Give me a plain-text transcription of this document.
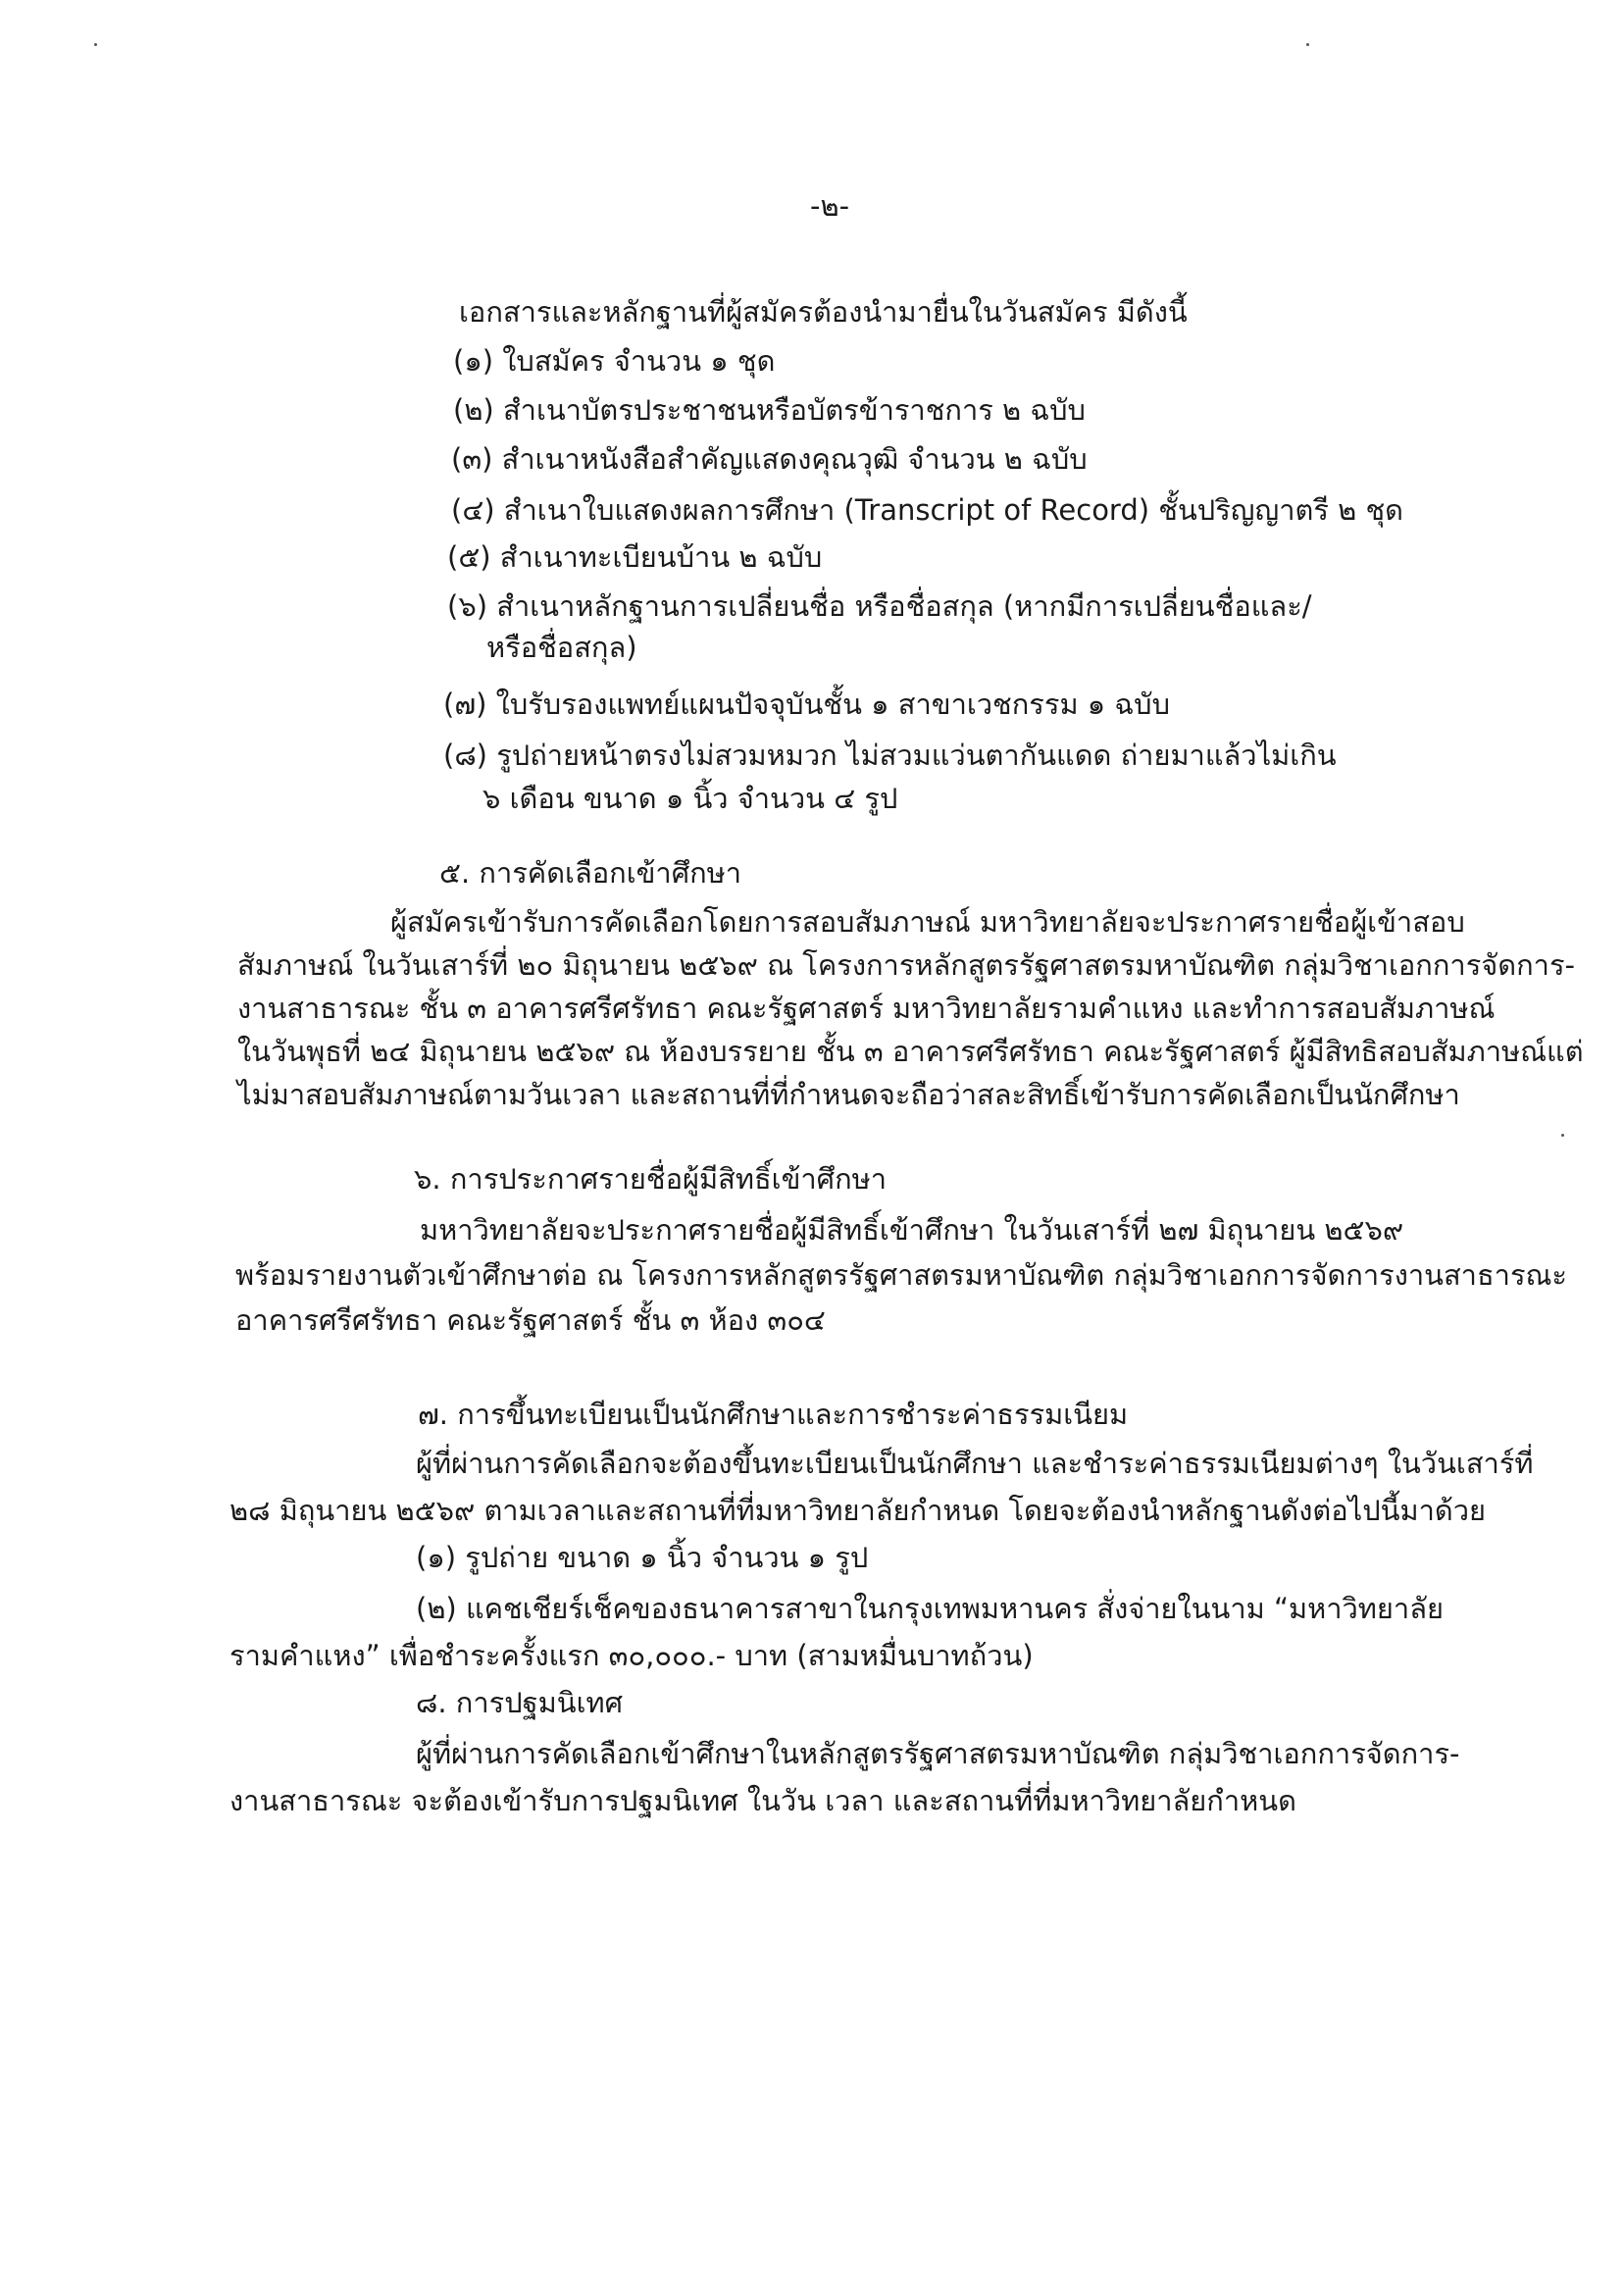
-๒-

เอกสารและหลักฐานที่ผู้สมัครต้องนำมายื่นในวันสมัคร มีดังนี้

(๑) ใบสมัคร จำนวน ๑ ชุด

(๒) สำเนาบัตรประชาชนหรือบัตรข้าราชการ ๒ ฉบับ

(๓) สำเนาหนังสือสำคัญแสดงคุณวุฒิ จำนวน ๒ ฉบับ

(๔) สำเนาใบแสดงผลการศึกษา (Transcript of Record) ชั้นปริญญาตรี ๒ ชุด

(๕) สำเนาทะเบียนบ้าน ๒ ฉบับ

(๖) สำเนาหลักฐานการเปลี่ยนชื่อ หรือชื่อสกุล (หากมีการเปลี่ยนชื่อและ/

หรือชื่อสกุล)

(๗) ใบรับรองแพทย์แผนปัจจุบันชั้น ๑ สาขาเวชกรรม ๑ ฉบับ

(๘) รูปถ่ายหน้าตรงไม่สวมหมวก ไม่สวมแว่นตากันแดด ถ่ายมาแล้วไม่เกิน

๖ เดือน ขนาด ๑ นิ้ว จำนวน ๔ รูป

๕. การคัดเลือกเข้าศึกษา

ผู้สมัครเข้ารับการคัดเลือกโดยการสอบสัมภาษณ์ มหาวิทยาลัยจะประกาศรายชื่อผู้เข้าสอบ

สัมภาษณ์ ในวันเสาร์ที่ ๒๐ มิถุนายน ๒๕๖๙ ณ โครงการหลักสูตรรัฐศาสตรมหาบัณฑิต กลุ่มวิชาเอกการจัดการ-

งานสาธารณะ ชั้น ๓ อาคารศรีศรัทธา คณะรัฐศาสตร์ มหาวิทยาลัยรามคำแหง และทำการสอบสัมภาษณ์

ในวันพุธที่ ๒๔ มิถุนายน ๒๕๖๙ ณ ห้องบรรยาย ชั้น ๓ อาคารศรีศรัทธา คณะรัฐศาสตร์ ผู้มีสิทธิสอบสัมภาษณ์แต่

ไม่มาสอบสัมภาษณ์ตามวันเวลา และสถานที่ที่กำหนดจะถือว่าสละสิทธิ์เข้ารับการคัดเลือกเป็นนักศึกษา

๖. การประกาศรายชื่อผู้มีสิทธิ์เข้าศึกษา

มหาวิทยาลัยจะประกาศรายชื่อผู้มีสิทธิ์เข้าศึกษา ในวันเสาร์ที่ ๒๗ มิถุนายน ๒๕๖๙

พร้อมรายงานตัวเข้าศึกษาต่อ ณ โครงการหลักสูตรรัฐศาสตรมหาบัณฑิต กลุ่มวิชาเอกการจัดการงานสาธารณะ

อาคารศรีศรัทธา คณะรัฐศาสตร์ ชั้น ๓ ห้อง ๓๐๔

๗. การขึ้นทะเบียนเป็นนักศึกษาและการชำระค่าธรรมเนียม

ผู้ที่ผ่านการคัดเลือกจะต้องขึ้นทะเบียนเป็นนักศึกษา และชำระค่าธรรมเนียมต่างๆ ในวันเสาร์ที่

๒๘ มิถุนายน ๒๕๖๙ ตามเวลาและสถานที่ที่มหาวิทยาลัยกำหนด โดยจะต้องนำหลักฐานดังต่อไปนี้มาด้วย

(๑) รูปถ่าย ขนาด ๑ นิ้ว จำนวน ๑ รูป

(๒) แคชเชียร์เช็คของธนาคารสาขาในกรุงเทพมหานคร สั่งจ่ายในนาม “มหาวิทยาลัย

รามคำแหง” เพื่อชำระครั้งแรก ๓๐,๐๐๐.- บาท (สามหมื่นบาทถ้วน)

๘. การปฐมนิเทศ

ผู้ที่ผ่านการคัดเลือกเข้าศึกษาในหลักสูตรรัฐศาสตรมหาบัณฑิต กลุ่มวิชาเอกการจัดการ-

งานสาธารณะ จะต้องเข้ารับการปฐมนิเทศ ในวัน เวลา และสถานที่ที่มหาวิทยาลัยกำหนด
